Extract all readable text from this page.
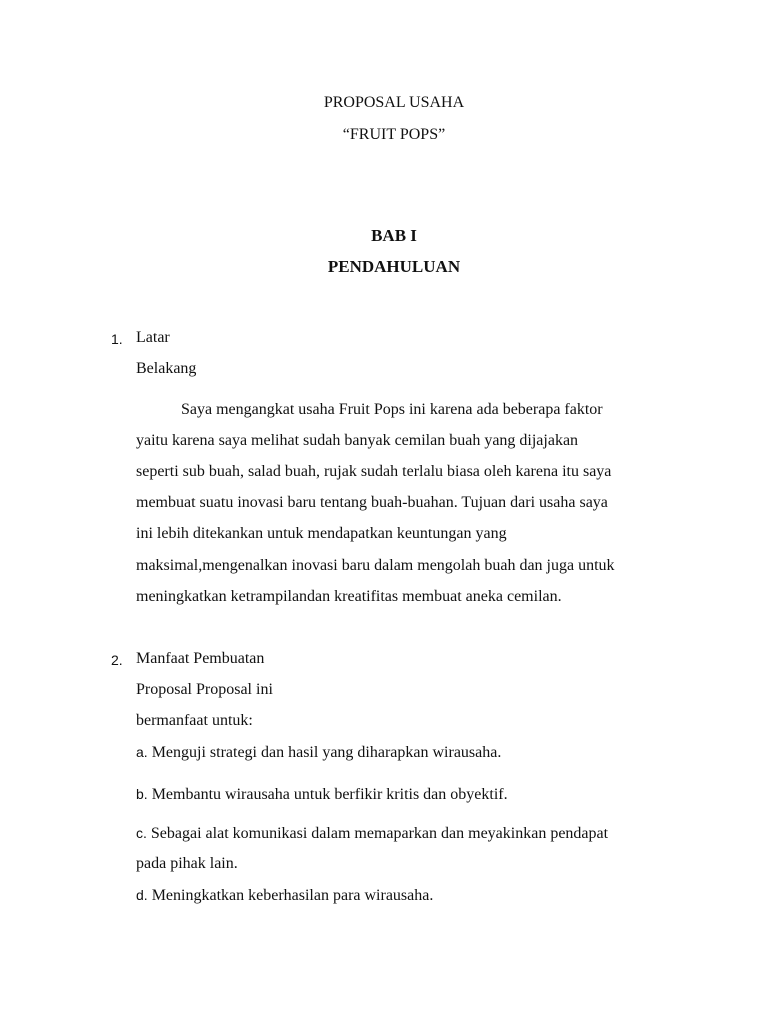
PROPOSAL USAHA
“FRUIT POPS”
BAB I
PENDAHULUAN
1. Latar
Belakang
Saya mengangkat usaha Fruit Pops ini karena ada beberapa faktor
yaitu karena saya melihat sudah banyak cemilan buah yang dijajakan
seperti sub buah, salad buah, rujak sudah terlalu biasa oleh karena itu saya
membuat suatu inovasi baru tentang buah-buahan. Tujuan dari usaha saya
ini lebih ditekankan untuk mendapatkan keuntungan yang
maksimal,mengenalkan inovasi baru dalam mengolah buah dan juga untuk
meningkatkan ketrampilandan kreatifitas membuat aneka cemilan.
2. Manfaat Pembuatan
Proposal Proposal ini
bermanfaat untuk:
a. Menguji strategi dan hasil yang diharapkan wirausaha.
b. Membantu wirausaha untuk berfikir kritis dan obyektif.
c. Sebagai alat komunikasi dalam memaparkan dan meyakinkan pendapat
pada pihak lain.
d. Meningkatkan keberhasilan para wirausaha.
